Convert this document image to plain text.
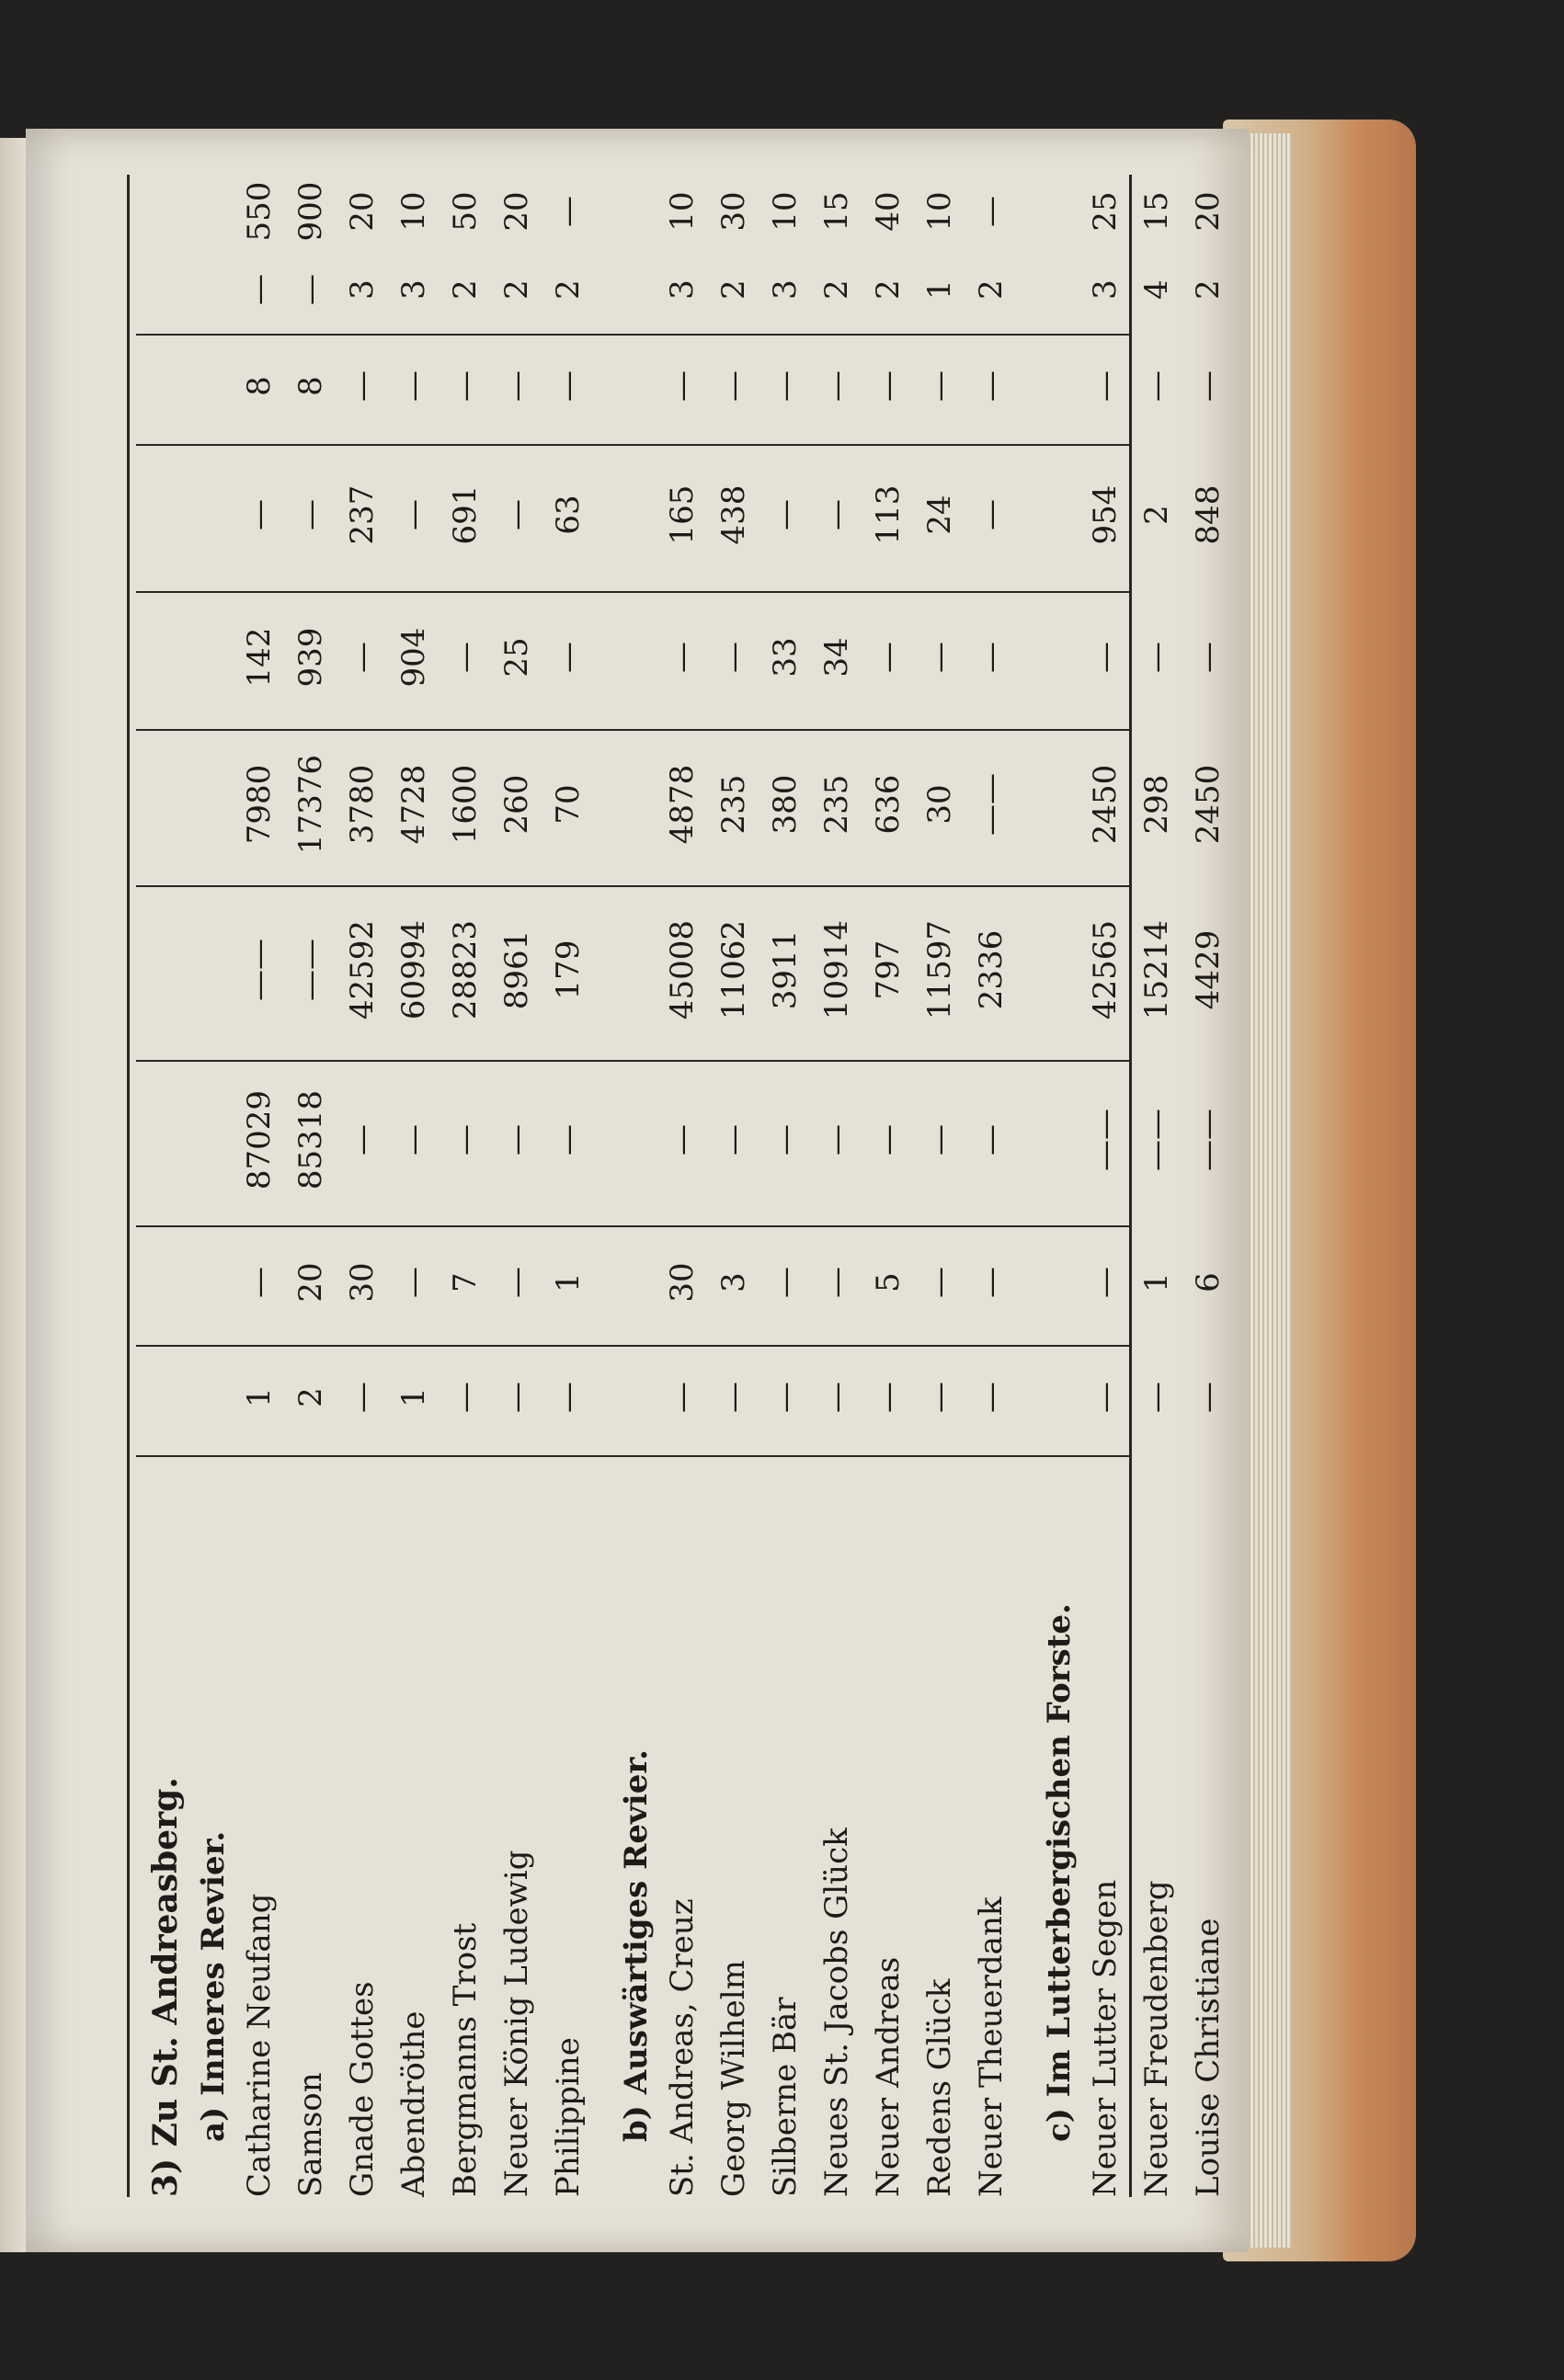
3) Zu St. Andreasberg. a) Inneres Revier. Catharine Neufang
1
—
87029
——
7980
142
—
8
—
550
Samson
2
20
85318
——
17376
939
—
8
—
900
Gnade Gottes
—
30
—
42592
3780
—
237
—
3
20
Abendröthe
1
—
—
60994
4728
904
—
—
3
10
Bergmanns Trost
—
7
—
28823
1600
—
691
—
2
50
Neuer König Ludewig
—
—
—
8961
260
25
—
—
2
20
Philippine
—
1
—
179
70
—
63
—
2
—
b) Auswärtiges Revier. St. Andreas, Creuz
—
30
—
45008
4878
—
165
—
3
10
Georg Wilhelm
—
3
—
11062
235
—
438
—
2
30
Silberne Bär
—
—
—
3911
380
33
—
—
3
10
Neues St. Jacobs Glück
—
—
—
10914
235
34
—
—
2
15
Neuer Andreas
—
5
—
797
636
—
113
—
2
40
Redens Glück
—
—
—
11597
30
—
24
—
1
10
Neuer Theuerdank
—
—
—
2336
——
—
—
—
2
—
c) Im Lutterbergischen Forste. Neuer Lutter Segen
—
—
——
42565
2450
—
954
—
3
25
Neuer Freudenberg
—
1
——
15214
298
—
2
—
4
15
Louise Christiane
—
6
——
4429
2450
—
848
—
2
20
